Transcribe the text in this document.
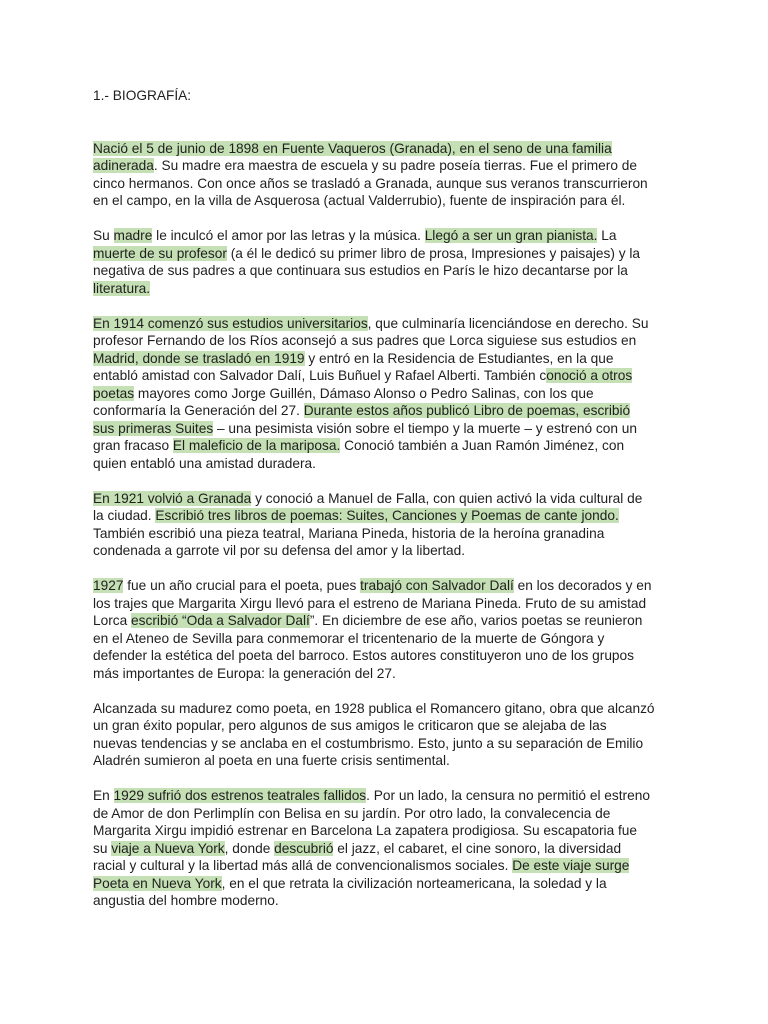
1.- BIOGRAFÍA:
Nació el 5 de junio de 1898 en Fuente Vaqueros (Granada), en el seno de una familia
adinerada. Su madre era maestra de escuela y su padre poseía tierras. Fue el primero de
cinco hermanos. Con once años se trasladó a Granada, aunque sus veranos transcurrieron
en el campo, en la villa de Asquerosa (actual Valderrubio), fuente de inspiración para él.
Su madre le inculcó el amor por las letras y la música. Llegó a ser un gran pianista. La
muerte de su profesor (a él le dedicó su primer libro de prosa, Impresiones y paisajes) y la
negativa de sus padres a que continuara sus estudios en París le hizo decantarse por la
literatura.
En 1914 comenzó sus estudios universitarios, que culminaría licenciándose en derecho. Su
profesor Fernando de los Ríos aconsejó a sus padres que Lorca siguiese sus estudios en
Madrid, donde se trasladó en 1919 y entró en la Residencia de Estudiantes, en la que
entabló amistad con Salvador Dalí, Luis Buñuel y Rafael Alberti. También conoció a otros
poetas mayores como Jorge Guillén, Dámaso Alonso o Pedro Salinas, con los que
conformaría la Generación del 27. Durante estos años publicó Libro de poemas, escribió
sus primeras Suites – una pesimista visión sobre el tiempo y la muerte – y estrenó con un
gran fracaso El maleficio de la mariposa. Conoció también a Juan Ramón Jiménez, con
quien entabló una amistad duradera.
En 1921 volvió a Granada y conoció a Manuel de Falla, con quien activó la vida cultural de
la ciudad. Escribió tres libros de poemas: Suites, Canciones y Poemas de cante jondo.
También escribió una pieza teatral, Mariana Pineda, historia de la heroína granadina
condenada a garrote vil por su defensa del amor y la libertad.
1927 fue un año crucial para el poeta, pues trabajó con Salvador Dalí en los decorados y en
los trajes que Margarita Xirgu llevó para el estreno de Mariana Pineda. Fruto de su amistad
Lorca escribió “Oda a Salvador Dalí”. En diciembre de ese año, varios poetas se reunieron
en el Ateneo de Sevilla para conmemorar el tricentenario de la muerte de Góngora y
defender la estética del poeta del barroco. Estos autores constituyeron uno de los grupos
más importantes de Europa: la generación del 27.
Alcanzada su madurez como poeta, en 1928 publica el Romancero gitano, obra que alcanzó
un gran éxito popular, pero algunos de sus amigos le criticaron que se alejaba de las
nuevas tendencias y se anclaba en el costumbrismo. Esto, junto a su separación de Emilio
Aladrén sumieron al poeta en una fuerte crisis sentimental.
En 1929 sufrió dos estrenos teatrales fallidos. Por un lado, la censura no permitió el estreno
de Amor de don Perlimplín con Belisa en su jardín. Por otro lado, la convalecencia de
Margarita Xirgu impidió estrenar en Barcelona La zapatera prodigiosa. Su escapatoria fue
su viaje a Nueva York, donde descubrió el jazz, el cabaret, el cine sonoro, la diversidad
racial y cultural y la libertad más allá de convencionalismos sociales. De este viaje surge
Poeta en Nueva York, en el que retrata la civilización norteamericana, la soledad y la
angustia del hombre moderno.
